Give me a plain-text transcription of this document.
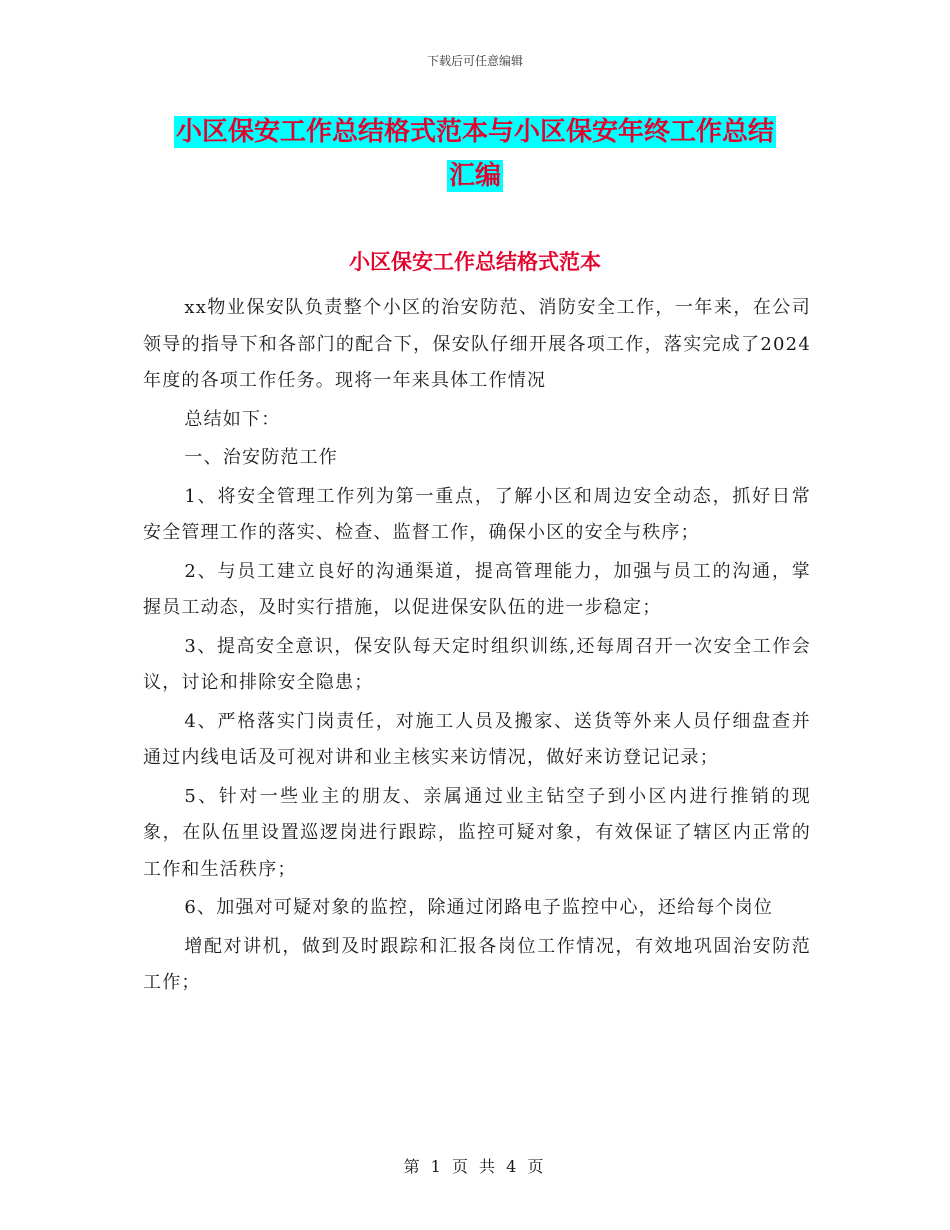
下载后可任意编辑
小区保安工作总结格式范本与小区保安年终工作总结
汇编
小区保安工作总结格式范本

xx物业保安队负责整个小区的治安防范、消防安全工作，一年来，在公司领导的指导下和各部门的配合下，保安队仔细开展各项工作，落实完成了2024年度的各项工作任务。现将一年来具体工作情况

总结如下：

一、治安防范工作

1、将安全管理工作列为第一重点，了解小区和周边安全动态，抓好日常安全管理工作的落实、检查、监督工作，确保小区的安全与秩序；

2、与员工建立良好的沟通渠道，提高管理能力，加强与员工的沟通，掌握员工动态，及时实行措施，以促进保安队伍的进一步稳定；

3、提高安全意识，保安队每天定时组织训练,还每周召开一次安全工作会议，讨论和排除安全隐患；

4、严格落实门岗责任，对施工人员及搬家、送货等外来人员仔细盘查并通过内线电话及可视对讲和业主核实来访情况，做好来访登记记录；

5、针对一些业主的朋友、亲属通过业主钻空子到小区内进行推销的现象，在队伍里设置巡逻岗进行跟踪，监控可疑对象，有效保证了辖区内正常的工作和生活秩序；

6、加强对可疑对象的监控，除通过闭路电子监控中心，还给每个岗位

增配对讲机，做到及时跟踪和汇报各岗位工作情况，有效地巩固治安防范工作；

第 1 页 共 4 页
